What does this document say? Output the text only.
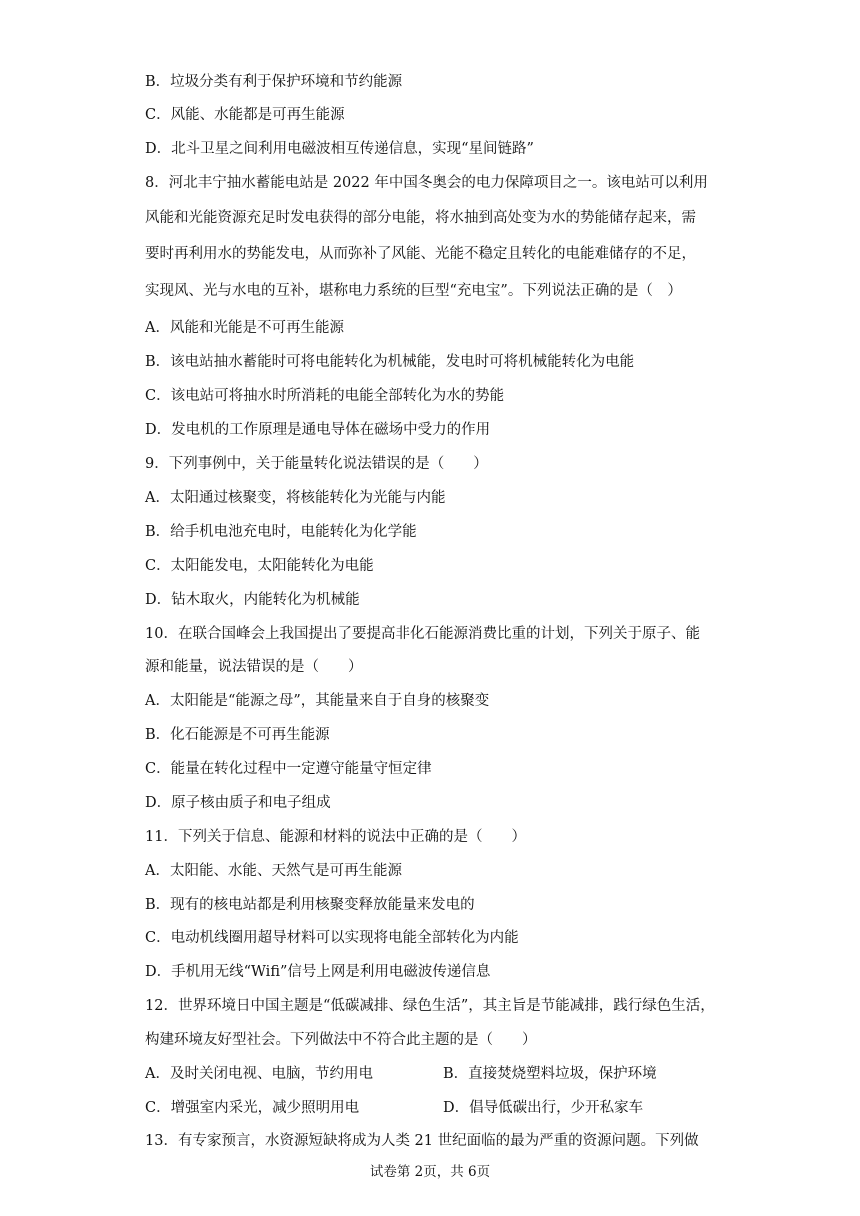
B．垃圾分类有利于保护环境和节约能源
C．风能、水能都是可再生能源
D．北斗卫星之间利用电磁波相互传递信息，实现“星间链路”
8．河北丰宁抽水蓄能电站是 2022 年中国冬奥会的电力保障项目之一。该电站可以利用
风能和光能资源充足时发电获得的部分电能，将水抽到高处变为水的势能储存起来，需
要时再利用水的势能发电，从而弥补了风能、光能不稳定且转化的电能难储存的不足，
实现风、光与水电的互补，堪称电力系统的巨型“充电宝”。下列说法正确的是（　）
A．风能和光能是不可再生能源
B．该电站抽水蓄能时可将电能转化为机械能，发电时可将机械能转化为电能
C．该电站可将抽水时所消耗的电能全部转化为水的势能
D．发电机的工作原理是通电导体在磁场中受力的作用
9．下列事例中，关于能量转化说法错误的是（　　）
A．太阳通过核聚变，将核能转化为光能与内能
B．给手机电池充电时，电能转化为化学能
C．太阳能发电，太阳能转化为电能
D．钻木取火，内能转化为机械能
10．在联合国峰会上我国提出了要提高非化石能源消费比重的计划，下列关于原子、能
源和能量，说法错误的是（　　）
A．太阳能是“能源之母”，其能量来自于自身的核聚变
B．化石能源是不可再生能源
C．能量在转化过程中一定遵守能量守恒定律
D．原子核由质子和电子组成
11．下列关于信息、能源和材料的说法中正确的是（　　）
A．太阳能、水能、天然气是可再生能源
B．现有的核电站都是利用核聚变释放能量来发电的
C．电动机线圈用超导材料可以实现将电能全部转化为内能
D．手机用无线“Wifi”信号上网是利用电磁波传递信息
12．世界环境日中国主题是“低碳减排、绿色生活”，其主旨是节能减排，践行绿色生活，
构建环境友好型社会。下列做法中不符合此主题的是（　　）
A．及时关闭电视、电脑，节约用电	B．直接焚烧塑料垃圾，保护环境
C．增强室内采光，减少照明用电	D．倡导低碳出行，少开私家车
13．有专家预言，水资源短缺将成为人类 21 世纪面临的最为严重的资源问题。下列做
试卷第 2页，共 6页
